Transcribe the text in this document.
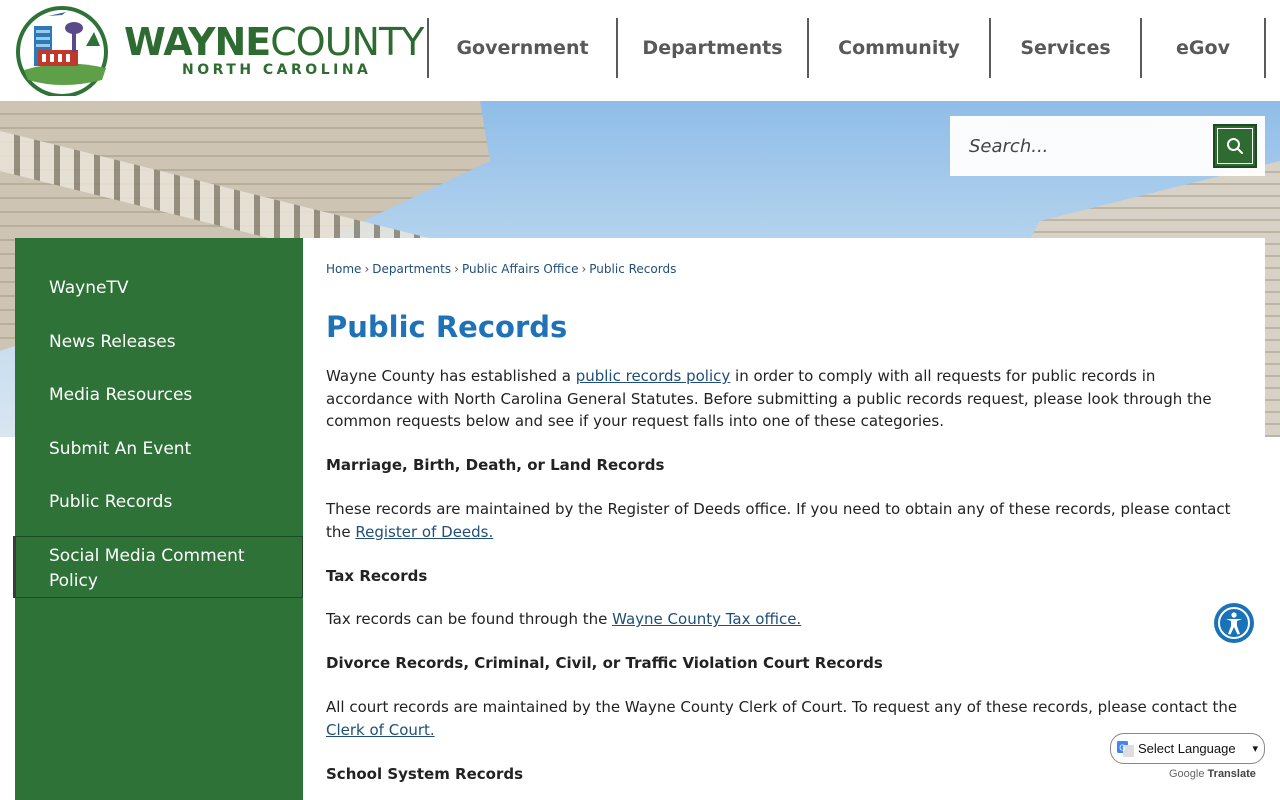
WAYNECOUNTY
NORTH CAROLINA
Government	Departments	Community	Services	eGov
Search...
WayneTV
News Releases
Media Resources
Submit An Event
Public Records
Social Media Comment Policy
Home › Departments › Public Affairs Office › Public Records
Public Records

Wayne County has established a public records policy in order to comply with all requests for public records in accordance with North Carolina General Statutes. Before submitting a public records request, please look through the common requests below and see if your request falls into one of these categories.

Marriage, Birth, Death, or Land Records

These records are maintained by the Register of Deeds office. If you need to obtain any of these records, please contact the Register of Deeds.

Tax Records

Tax records can be found through the Wayne County Tax office.

Divorce Records, Criminal, Civil, or Traffic Violation Court Records

All court records are maintained by the Wayne County Clerk of Court. To request any of these records, please contact the Clerk of Court.

School System Records
G Select Language ▾
Google Translate
